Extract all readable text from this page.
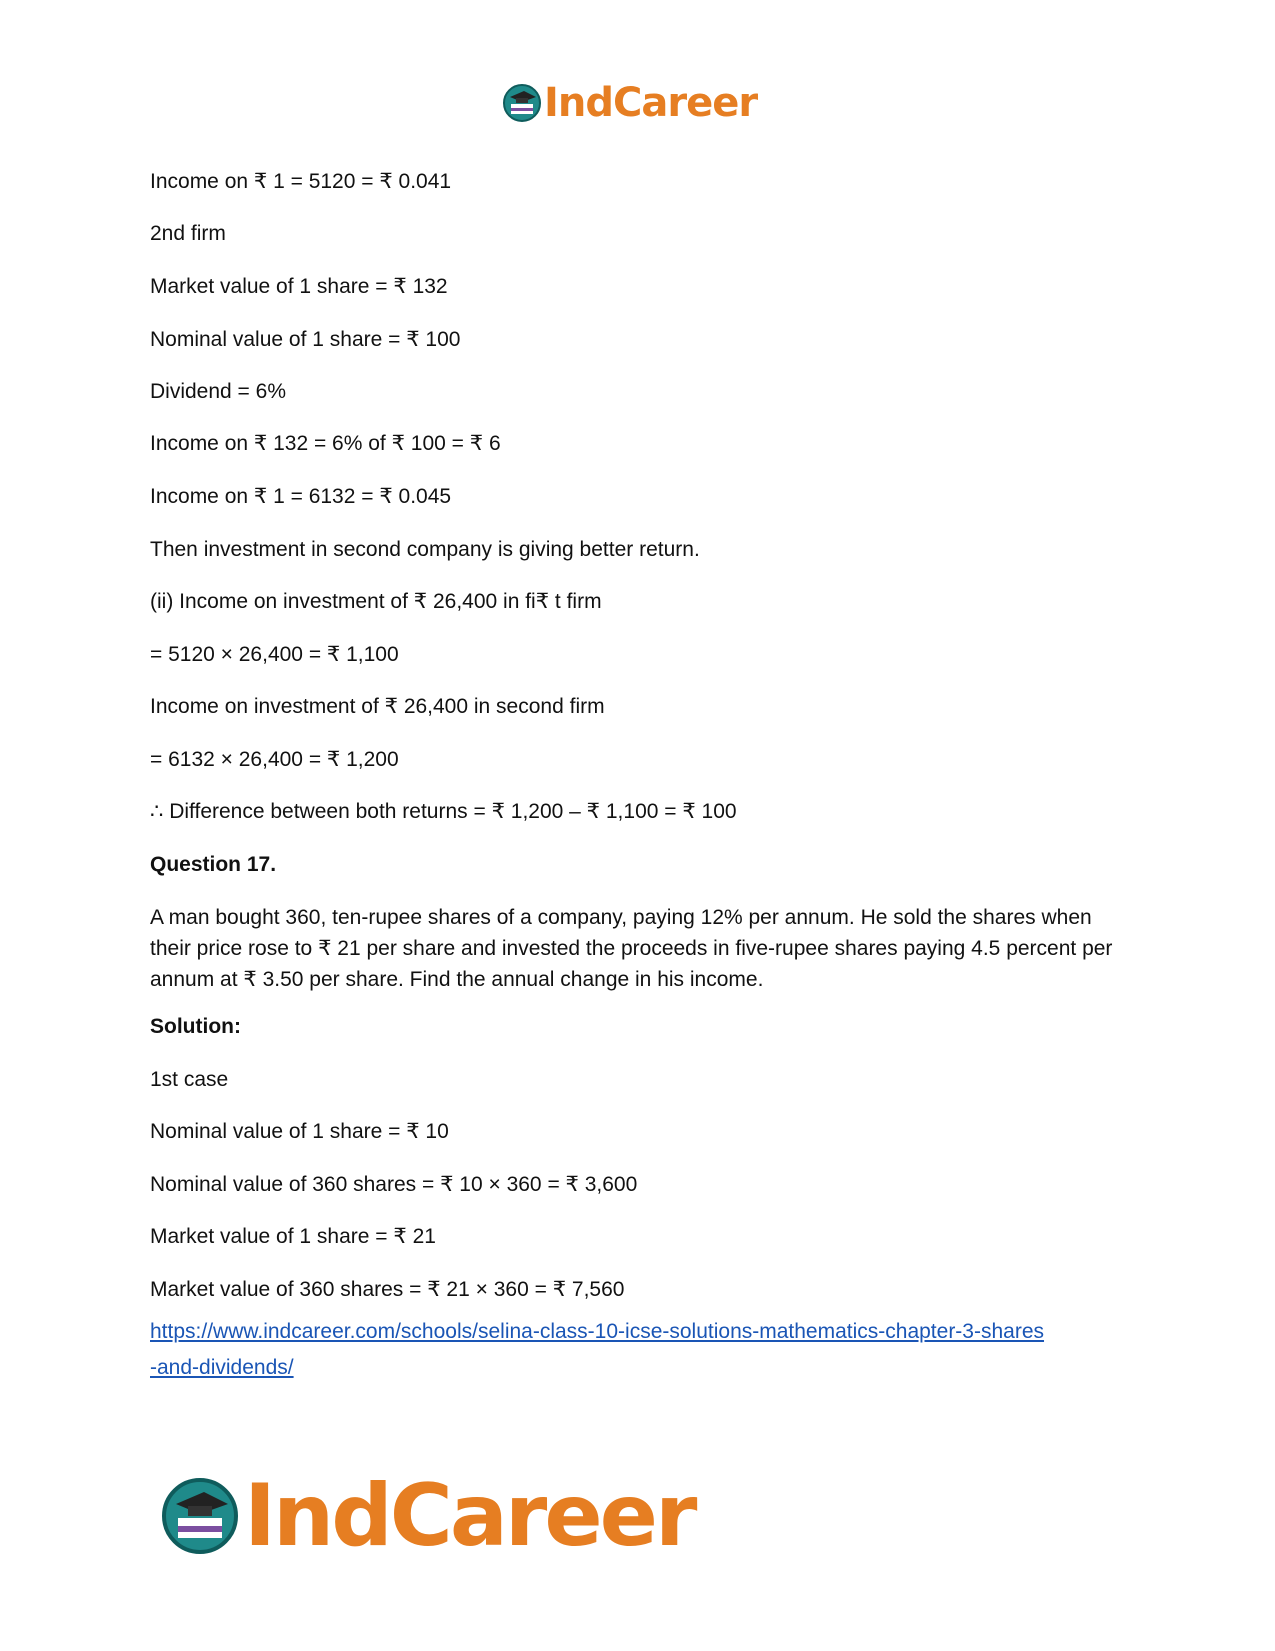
IndCareer
Income on ₹ 1 = 5120 = ₹ 0.041
2nd firm
Market value of 1 share = ₹ 132
Nominal value of 1 share = ₹ 100
Dividend = 6%
Income on ₹ 132 = 6% of ₹ 100 = ₹ 6
Income on ₹ 1 = 6132 = ₹ 0.045
Then investment in second company is giving better return.
(ii) Income on investment of ₹ 26,400 in fi₹ t firm
= 5120 × 26,400 = ₹ 1,100
Income on investment of ₹ 26,400 in second firm
= 6132 × 26,400 = ₹ 1,200
∴ Difference between both returns = ₹ 1,200 – ₹ 1,100 = ₹ 100
Question 17.
A man bought 360, ten-rupee shares of a company, paying 12% per annum. He sold the shares when their price rose to ₹ 21 per share and invested the proceeds in five-rupee shares paying 4.5 percent per annum at ₹ 3.50 per share. Find the annual change in his income.
Solution:
1st case
Nominal value of 1 share = ₹ 10
Nominal value of 360 shares = ₹ 10 × 360 = ₹ 3,600
Market value of 1 share = ₹ 21
Market value of 360 shares = ₹ 21 × 360 = ₹ 7,560
https://www.indcareer.com/schools/selina-class-10-icse-solutions-mathematics-chapter-3-shares
-and-dividends/
IndCareer
